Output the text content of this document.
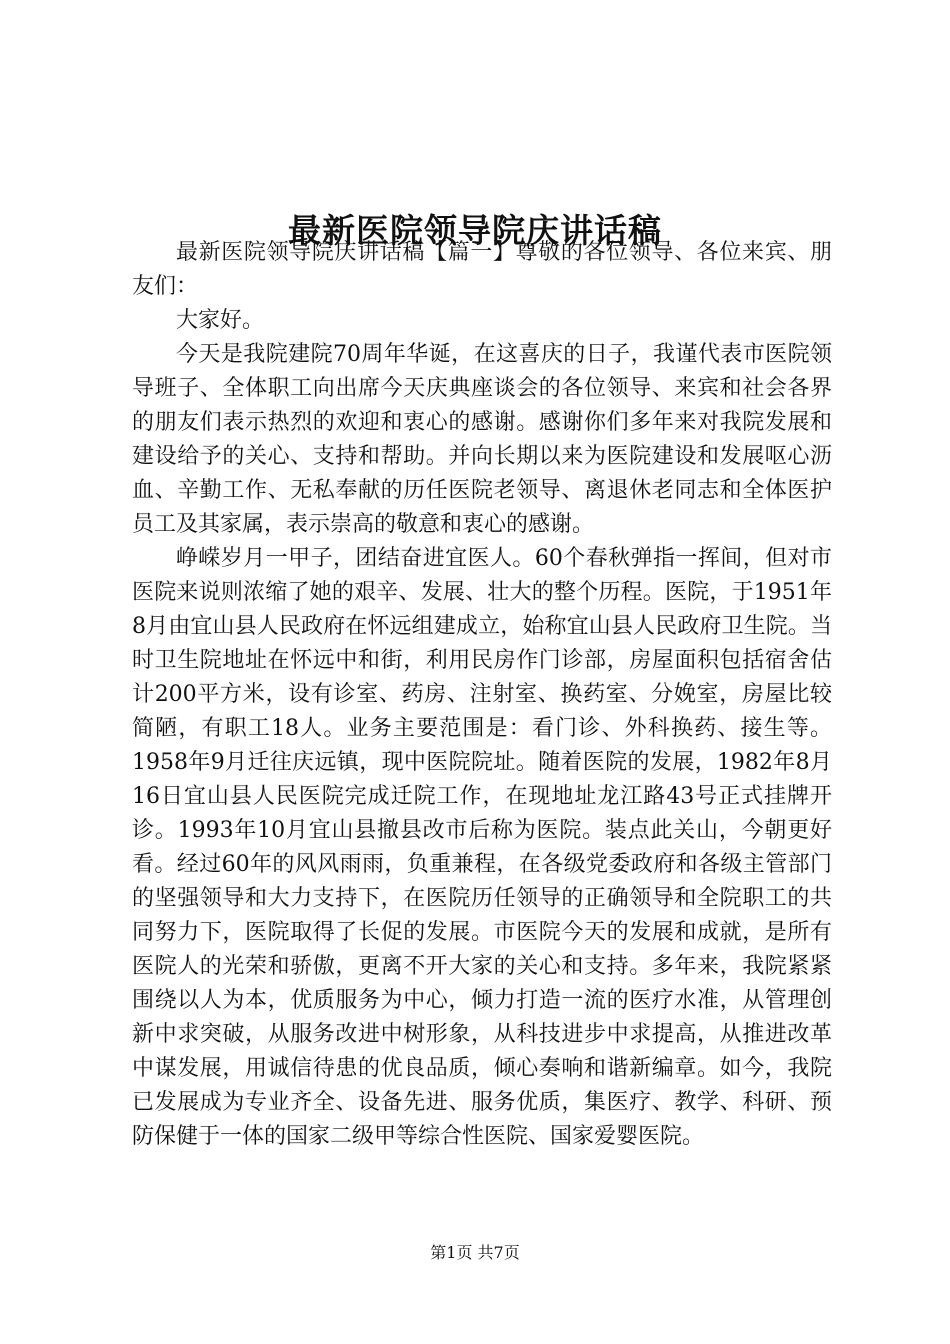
最新医院领导院庆讲话稿

最新医院领导院庆讲话稿【篇一】尊敬的各位领导、各位来宾、朋友们：

大家好。

今天是我院建院70周年华诞，在这喜庆的日子，我谨代表市医院领导班子、全体职工向出席今天庆典座谈会的各位领导、来宾和社会各界的朋友们表示热烈的欢迎和衷心的感谢。感谢你们多年来对我院发展和建设给予的关心、支持和帮助。并向长期以来为医院建设和发展呕心沥血、辛勤工作、无私奉献的历任医院老领导、离退休老同志和全体医护员工及其家属，表示崇高的敬意和衷心的感谢。

峥嵘岁月一甲子，团结奋进宜医人。60个春秋弹指一挥间，但对市医院来说则浓缩了她的艰辛、发展、壮大的整个历程。医院，于1951年8月由宜山县人民政府在怀远组建成立，始称宜山县人民政府卫生院。当时卫生院地址在怀远中和街，利用民房作门诊部，房屋面积包括宿舍估计200平方米，设有诊室、药房、注射室、换药室、分娩室，房屋比较简陋，有职工18人。业务主要范围是：看门诊、外科换药、接生等。1958年9月迁往庆远镇，现中医院院址。随着医院的发展，1982年8月16日宜山县人民医院完成迁院工作，在现地址龙江路43号正式挂牌开诊。1993年10月宜山县撤县改市后称为医院。装点此关山，今朝更好看。经过60年的风风雨雨，负重兼程，在各级党委政府和各级主管部门的坚强领导和大力支持下，在医院历任领导的正确领导和全院职工的共同努力下，医院取得了长促的发展。市医院今天的发展和成就，是所有医院人的光荣和骄傲，更离不开大家的关心和支持。多年来，我院紧紧围绕以人为本，优质服务为中心，倾力打造一流的医疗水准，从管理创新中求突破，从服务改进中树形象，从科技进步中求提高，从推进改革中谋发展，用诚信待患的优良品质，倾心奏响和谐新编章。如今，我院已发展成为专业齐全、设备先进、服务优质，集医疗、教学、科研、预防保健于一体的国家二级甲等综合性医院、国家爱婴医院。

第1页 共7页
